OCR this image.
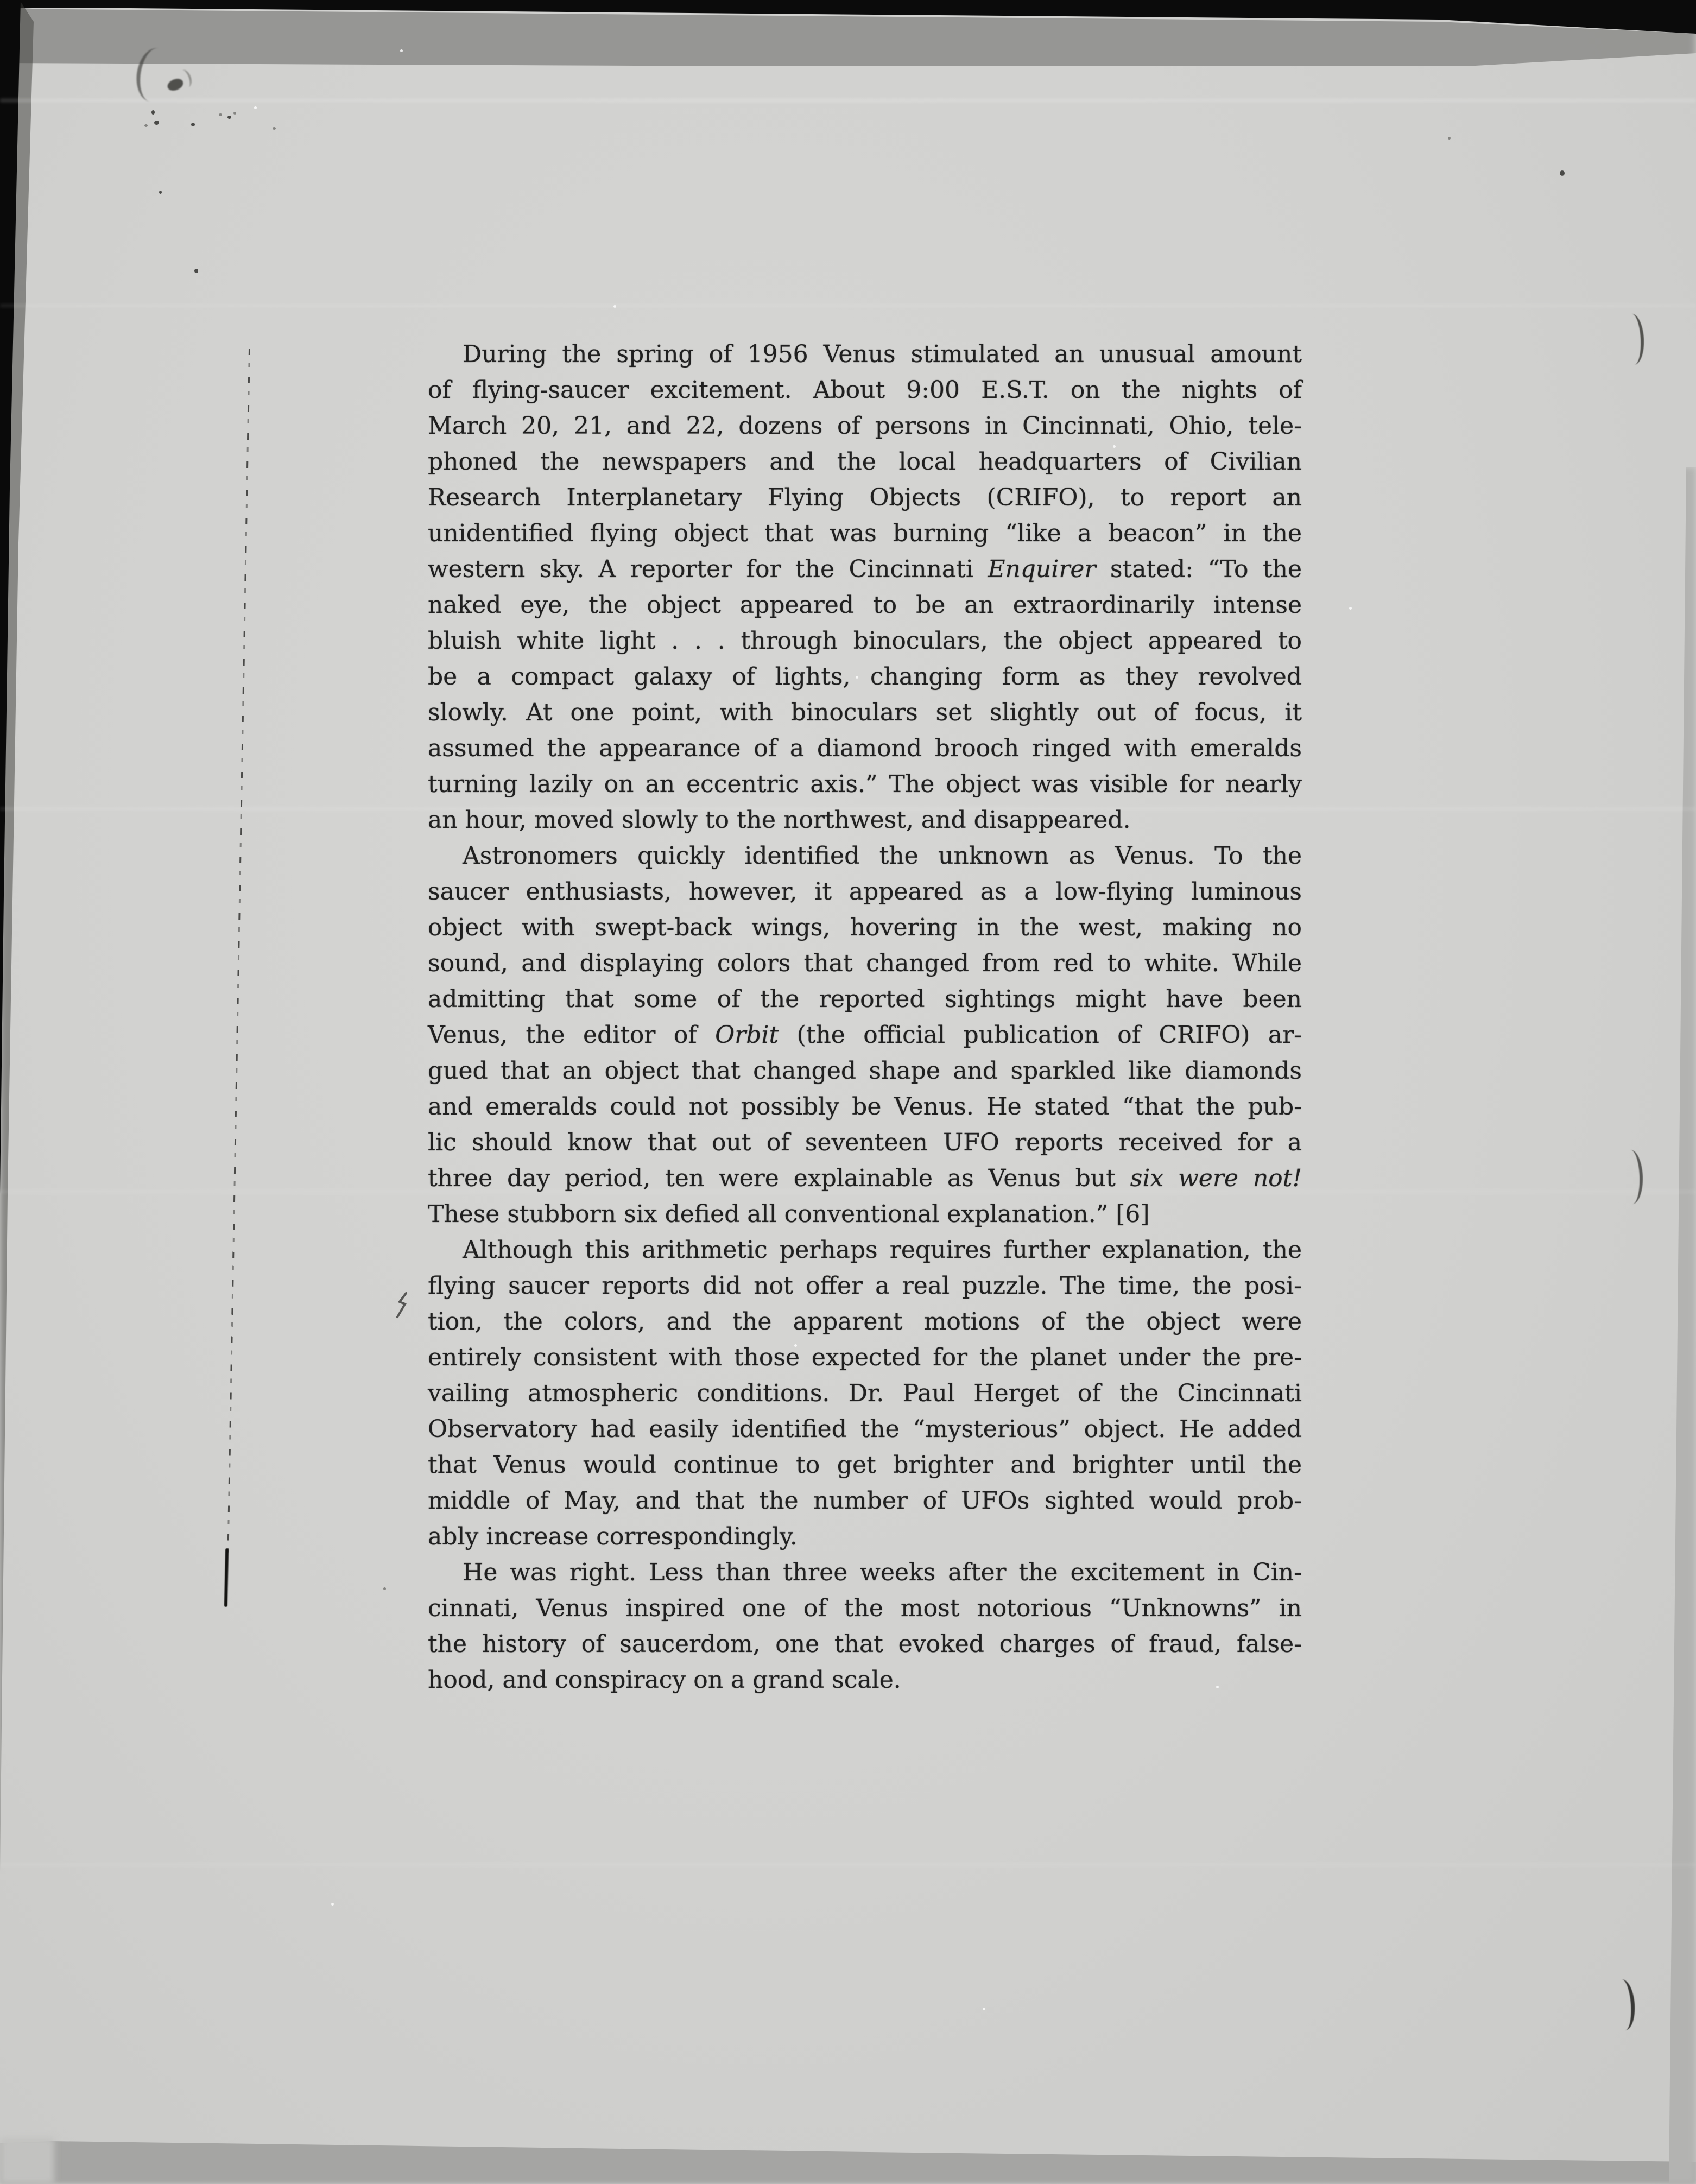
During the spring of 1956 Venus stimulated an unusual amount
of flying-saucer excitement. About 9:00 E.S.T. on the nights of
March 20, 21, and 22, dozens of persons in Cincinnati, Ohio, tele-
phoned the newspapers and the local headquarters of Civilian
Research Interplanetary Flying Objects (CRIFO), to report an
unidentified flying object that was burning “like a beacon” in the
western sky. A reporter for the Cincinnati Enquirer stated: “To the
naked eye, the object appeared to be an extraordinarily intense
bluish white light . . . through binoculars, the object appeared to
be a compact galaxy of lights, changing form as they revolved
slowly. At one point, with binoculars set slightly out of focus, it
assumed the appearance of a diamond brooch ringed with emeralds
turning lazily on an eccentric axis.” The object was visible for nearly
an hour, moved slowly to the northwest, and disappeared.
Astronomers quickly identified the unknown as Venus. To the
saucer enthusiasts, however, it appeared as a low-flying luminous
object with swept-back wings, hovering in the west, making no
sound, and displaying colors that changed from red to white. While
admitting that some of the reported sightings might have been
Venus, the editor of Orbit (the official publication of CRIFO) ar-
gued that an object that changed shape and sparkled like diamonds
and emeralds could not possibly be Venus. He stated “that the pub-
lic should know that out of seventeen UFO reports received for a
three day period, ten were explainable as Venus but six were not!
These stubborn six defied all conventional explanation.” [6]
Although this arithmetic perhaps requires further explanation, the
flying saucer reports did not offer a real puzzle. The time, the posi-
tion, the colors, and the apparent motions of the object were
entirely consistent with those expected for the planet under the pre-
vailing atmospheric conditions. Dr. Paul Herget of the Cincinnati
Observatory had easily identified the “mysterious” object. He added
that Venus would continue to get brighter and brighter until the
middle of May, and that the number of UFOs sighted would prob-
ably increase correspondingly.
He was right. Less than three weeks after the excitement in Cin-
cinnati, Venus inspired one of the most notorious “Unknowns” in
the history of saucerdom, one that evoked charges of fraud, false-
hood, and conspiracy on a grand scale.
